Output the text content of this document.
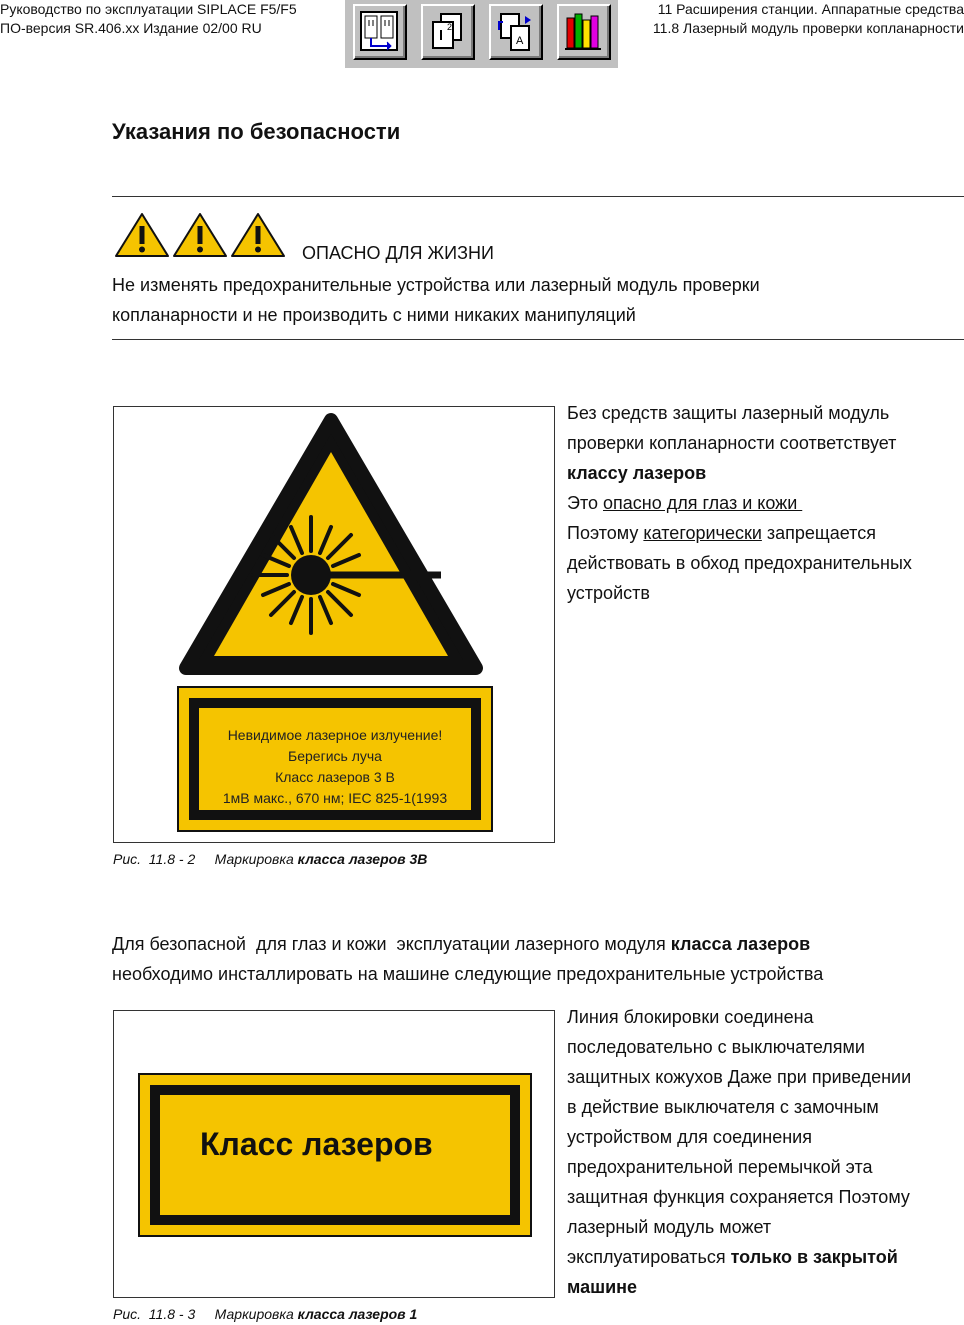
Руководство по эксплуатации SIPLACE F5/F5
ПО-версия SR.406.xx Издание 02/00 RU
11 Расширения станции. Аппаратные средства
11.8 Лазерный модуль проверки копланарности
2
A
Указания по безопасности
ОПАСНО ДЛЯ ЖИЗНИ
Не изменять предохранительные устройства или лазерный модуль проверки
копланарности и не производить с ними никаких манипуляций
Невидимое лазерное излучение!
Берегись луча
Класс лазеров 3 В
1мВ макс., 670 нм; IEC 825-1(1993
Рис.  11.8 - 2     Маркировка класса лазеров 3В
Без средств защиты лазерный модуль
проверки копланарности соответствует
классу лазеров
Это опасно для глаз и кожи
Поэтому категорически запрещается
действовать в обход предохранительных
устройств
Для безопасной  для глаз и кожи  эксплуатации лазерного модуля класса лазеров
необходимо инсталлировать на машине следующие предохранительные устройства
Класс лазеров
Рис.  11.8 - 3     Маркировка класса лазеров 1
Линия блокировки соединена
последовательно с выключателями
защитных кожухов Даже при приведении
в действие выключателя с замочным
устройством для соединения
предохранительной перемычкой эта
защитная функция сохраняется Поэтому
лазерный модуль может
эксплуатироваться только в закрытой
машине
